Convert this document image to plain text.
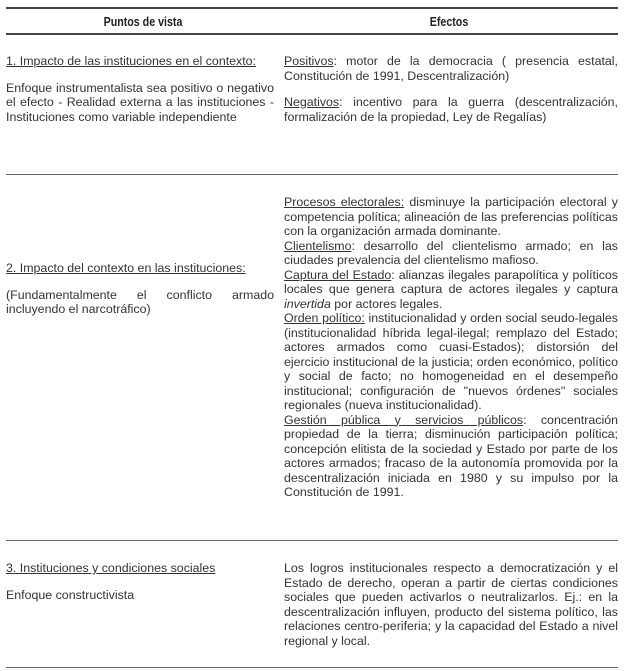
Puntos de vista	Efectos

1. Impacto de las instituciones en el contexto:

Enfoque instrumentalista sea positivo o negativo el efecto - Realidad externa a las instituciones - Instituciones como variable independiente

Positivos: motor de la democracia ( presencia estatal, Constitución de 1991, Descentralización)

Negativos: incentivo para la guerra (descentralización, formalización de la propiedad, Ley de Regalías)

2. Impacto del contexto en las instituciones:

(Fundamentalmente el conflicto armado incluyendo el narcotráfico)

Procesos electorales: disminuye la participación electoral y competencia política; alineación de las preferencias políticas con la organización armada dominante.

Clientelismo: desarrollo del clientelismo armado; en las ciudades prevalencia del clientelismo mafioso.

Captura del Estado: alianzas ilegales parapolítica y políticos locales que genera captura de actores ilegales y captura invertida por actores legales.

Orden político: institucionalidad y orden social seudo-legales (institucionalidad híbrida legal-ilegal; remplazo del Estado; actores armados como cuasi-Estados); distorsión del ejercicio institucional de la justicia; orden económico, político y social de facto; no homogeneidad en el desempeño institucional; configuración de "nuevos órdenes" sociales regionales (nueva institucionalidad).

Gestión pública y servicios públicos: concentración propiedad de la tierra; disminución participación política; concepción elitista de la sociedad y Estado por parte de los actores armados; fracaso de la autonomía promovida por la descentralización iniciada en 1980 y su impulso por la Constitución de 1991.

3. Instituciones y condiciones sociales

Enfoque constructivista

Los logros institucionales respecto a democratización y el Estado de derecho, operan a partir de ciertas condiciones sociales que pueden activarlos o neutralizarlos. Ej.: en la descentralización influyen, producto del sistema político, las relaciones centro-periferia; y la capacidad del Estado a nivel regional y local.
